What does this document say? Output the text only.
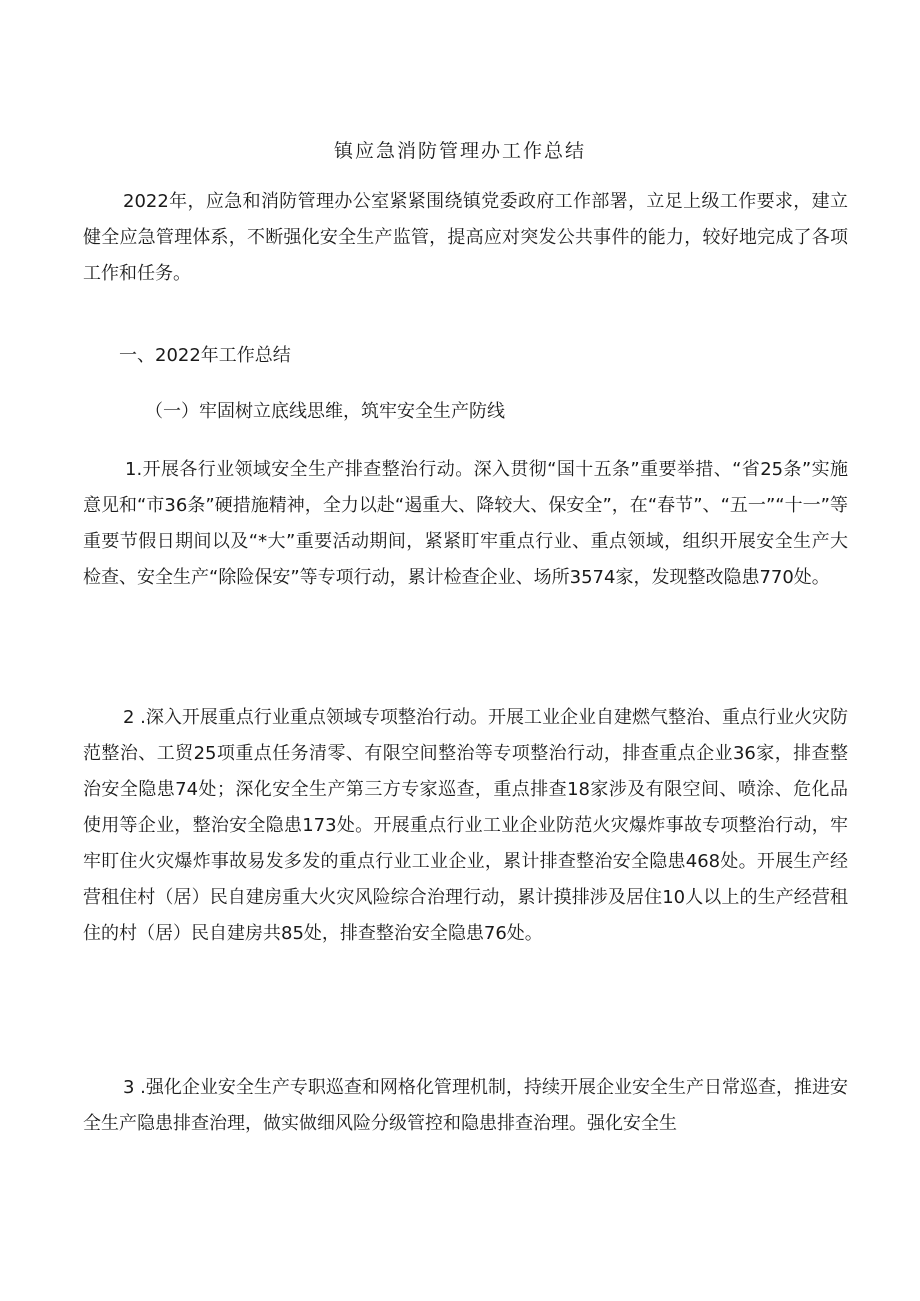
镇应急消防管理办工作总结

2022年，应急和消防管理办公室紧紧围绕镇党委政府工作部署，立足上级工作要求，建立健全应急管理体系，不断强化安全生产监管，提高应对突发公共事件的能力，较好地完成了各项工作和任务。

一、2022年工作总结

（一）牢固树立底线思维，筑牢安全生产防线

1.开展各行业领域安全生产排查整治行动。深入贯彻“国十五条”重要举措、“省25条”实施意见和“市36条”硬措施精神，全力以赴“遏重大、降较大、保安全”，在“春节”、“五一”“十一”等重要节假日期间以及“*大”重要活动期间，紧紧盯牢重点行业、重点领域，组织开展安全生产大检查、安全生产“除险保安”等专项行动，累计检查企业、场所3574家，发现整改隐患770处。

2 .深入开展重点行业重点领域专项整治行动。开展工业企业自建燃气整治、重点行业火灾防范整治、工贸25项重点任务清零、有限空间整治等专项整治行动，排查重点企业36家，排查整治安全隐患74处；深化安全生产第三方专家巡查，重点排查18家涉及有限空间、喷涂、危化品使用等企业，整治安全隐患173处。开展重点行业工业企业防范火灾爆炸事故专项整治行动，牢牢盯住火灾爆炸事故易发多发的重点行业工业企业，累计排查整治安全隐患468处。开展生产经营租住村（居）民自建房重大火灾风险综合治理行动，累计摸排涉及居住10人以上的生产经营租住的村（居）民自建房共85处，排查整治安全隐患76处。

3 .强化企业安全生产专职巡查和网格化管理机制，持续开展企业安全生产日常巡查，推进安全生产隐患排查治理，做实做细风险分级管控和隐患排查治理。强化安全生
